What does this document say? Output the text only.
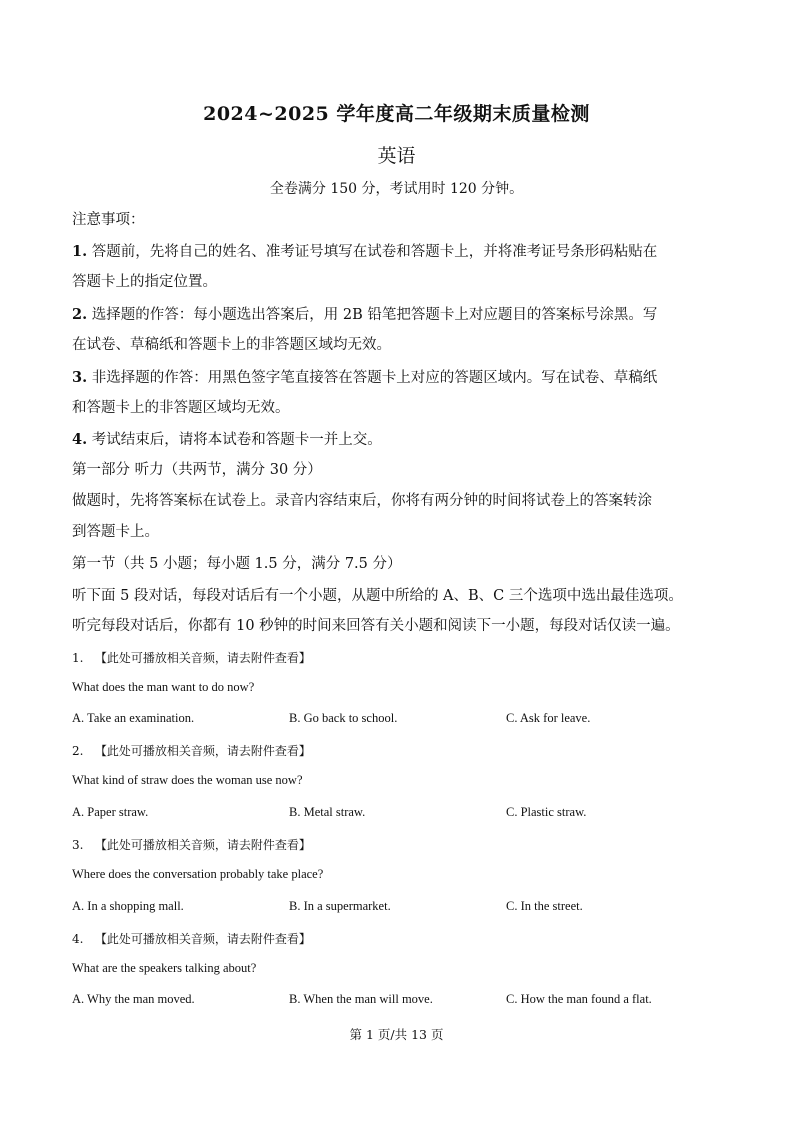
2024~2025 学年度高二年级期末质量检测
英语
全卷满分 150 分，考试用时 120 分钟。
注意事项：
1. 答题前，先将自己的姓名、准考证号填写在试卷和答题卡上，并将准考证号条形码粘贴在
答题卡上的指定位置。
2. 选择题的作答：每小题选出答案后，用 2B 铅笔把答题卡上对应题目的答案标号涂黑。写
在试卷、草稿纸和答题卡上的非答题区域均无效。
3. 非选择题的作答：用黑色签字笔直接答在答题卡上对应的答题区域内。写在试卷、草稿纸
和答题卡上的非答题区域均无效。
4. 考试结束后，请将本试卷和答题卡一并上交。
第一部分 听力（共两节，满分 30 分）
做题时，先将答案标在试卷上。录音内容结束后，你将有两分钟的时间将试卷上的答案转涂
到答题卡上。
第一节（共 5 小题；每小题 1.5 分，满分 7.5 分）
听下面 5 段对话，每段对话后有一个小题，从题中所给的 A、B、C 三个选项中选出最佳选项。
听完每段对话后，你都有 10 秒钟的时间来回答有关小题和阅读下一小题，每段对话仅读一遍。
1. 【此处可播放相关音频，请去附件查看】
What does the man want to do now?
A. Take an examination.	B. Go back to school.	C. Ask for leave.
2. 【此处可播放相关音频，请去附件查看】
What kind of straw does the woman use now?
A. Paper straw.	B. Metal straw.	C. Plastic straw.
3. 【此处可播放相关音频，请去附件查看】
Where does the conversation probably take place?
A. In a shopping mall.	B. In a supermarket.	C. In the street.
4. 【此处可播放相关音频，请去附件查看】
What are the speakers talking about?
A. Why the man moved.	B. When the man will move.	C. How the man found a flat.
第 1 页/共 13 页
